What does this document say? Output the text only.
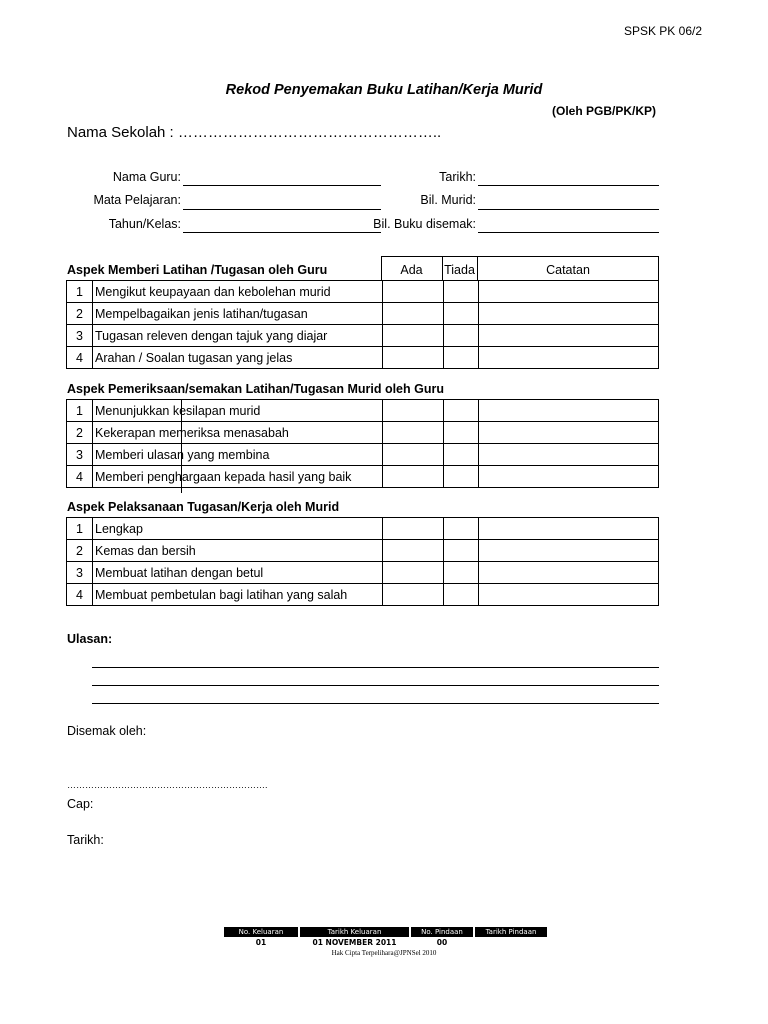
SPSK PK 06/2
Rekod Penyemakan Buku Latihan/Kerja Murid
(Oleh PGB/PK/KP)
Nama Sekolah : ……………………………………………..
Nama Guru:
Mata Pelajaran:
Tahun/Kelas:
Tarikh:
Bil. Murid:
Bil. Buku disemak:
Aspek Memberi Latihan /Tugasan oleh Guru	Ada	Tiada	Catatan
1	Mengikut keupayaan dan kebolehan murid			
2	Mempelbagaikan jenis latihan/tugasan			
3	Tugasan releven dengan tajuk yang diajar			
4	Arahan / Soalan tugasan yang jelas			
Aspek Pemeriksaan/semakan Latihan/Tugasan Murid oleh Guru
1	Menunjukkan kesilapan murid			
2	Kekerapan memeriksa menasabah			
3	Memberi ulasan yang membina			
4	Memberi penghargaan kepada hasil yang baik			
Aspek Pelaksanaan Tugasan/Kerja oleh Murid
1	Lengkap			
2	Kemas dan bersih			
3	Membuat latihan dengan betul			
4	Membuat pembetulan bagi latihan yang salah			
Ulasan:
Disemak oleh:
………………………………………………………….
Cap:
Tarikh:
No. Keluaran	Tarikh Keluaran	No. Pindaan	Tarikh Pindaan
01	01 NOVEMBER 2011	00	
Hak Cipta Terpelihara@JPNSel 2010
